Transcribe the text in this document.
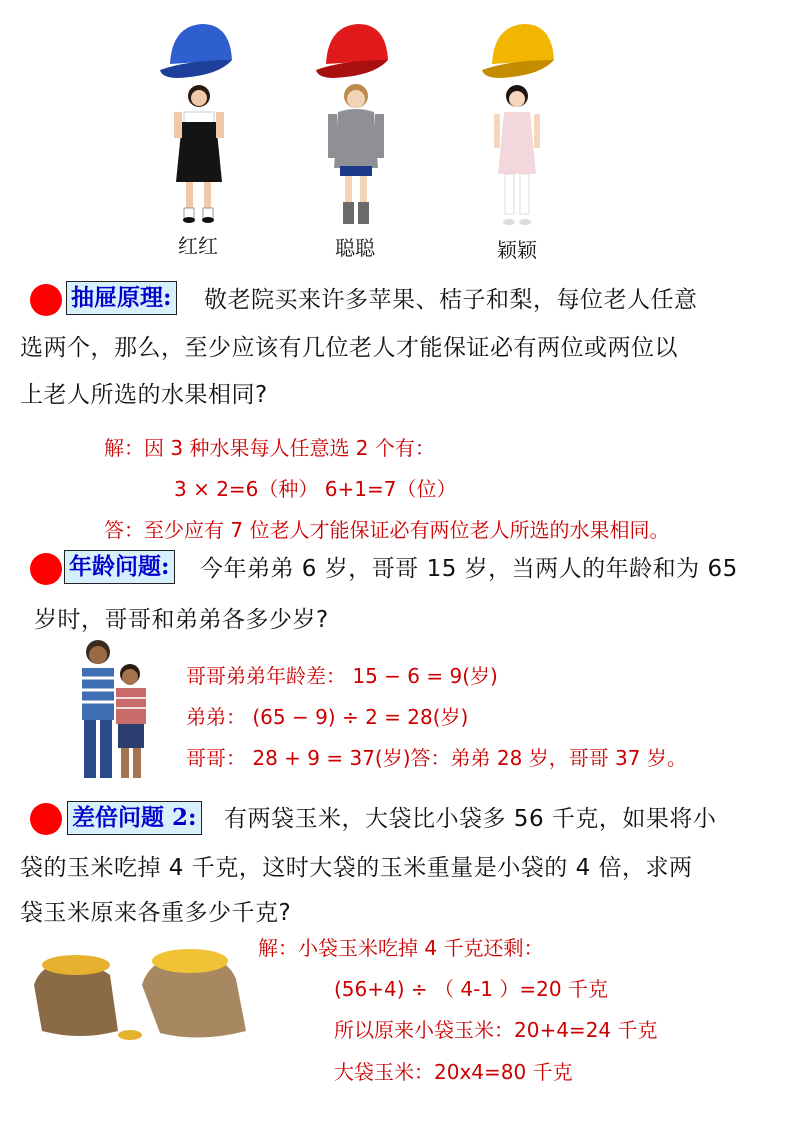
红红	聪聪	颖颖
抽屉原理: 敬老院买来许多苹果、桔子和梨，每位老人任意
选两个，那么，至少应该有几位老人才能保证必有两位或两位以
上老人所选的水果相同?
解：因 3 种水果每人任意选 2 个有：
3 × 2=6（种） 6+1=7（位）
答：至少应有 7 位老人才能保证必有两位老人所选的水果相同。
年龄问题: 今年弟弟 6 岁，哥哥 15 岁，当两人的年龄和为 65
岁时，哥哥和弟弟各多少岁?
哥哥弟弟年龄差： 15 − 6 = 9(岁)
弟弟： (65 − 9) ÷ 2 = 28(岁)
哥哥： 28 + 9 = 37(岁)答：弟弟 28 岁，哥哥 37 岁。
差倍问题 2: 有两袋玉米，大袋比小袋多 56 千克，如果将小
袋的玉米吃掉 4 千克，这时大袋的玉米重量是小袋的 4 倍，求两
袋玉米原来各重多少千克?
解：小袋玉米吃掉 4 千克还剩：
(56+4) ÷ （ 4-1 ）=20 千克
所以原来小袋玉米：20+4=24 千克
大袋玉米：20x4=80 千克
